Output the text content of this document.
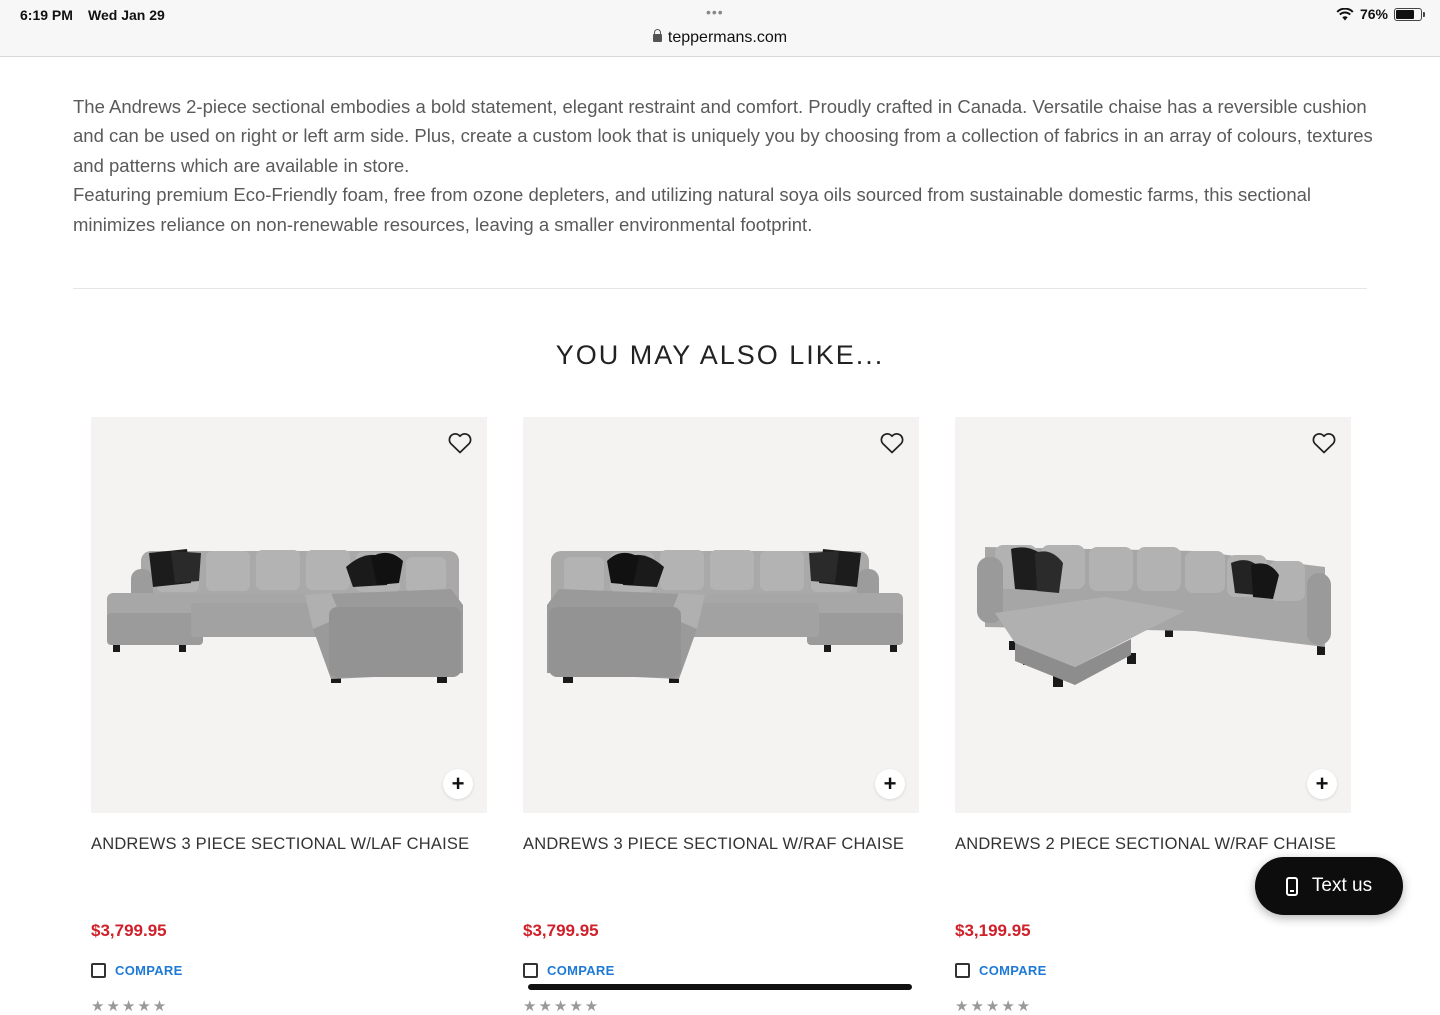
6:19 PM Wed Jan 29	•••
teppermans.com
76%

The Andrews 2-piece sectional embodies a bold statement, elegant restraint and comfort. Proudly crafted in Canada. Versatile chaise has a reversible cushion and can be used on right or left arm side. Plus, create a custom look that is uniquely you by choosing from a collection of fabrics in an array of colours, textures and patterns which are available in store.

Featuring premium Eco-Friendly foam, free from ozone depleters, and utilizing natural soya oils sourced from sustainable domestic farms, this sectional minimizes reliance on non-renewable resources, leaving a smaller environmental footprint.

YOU MAY ALSO LIKE...
+
ANDREWS 3 PIECE SECTIONAL W/LAF CHAISE
$3,799.95
COMPARE
★★★★★
+
ANDREWS 3 PIECE SECTIONAL W/RAF CHAISE
$3,799.95
COMPARE
★★★★★
+
ANDREWS 2 PIECE SECTIONAL W/RAF CHAISE
$3,199.95
COMPARE
★★★★★
Text us
